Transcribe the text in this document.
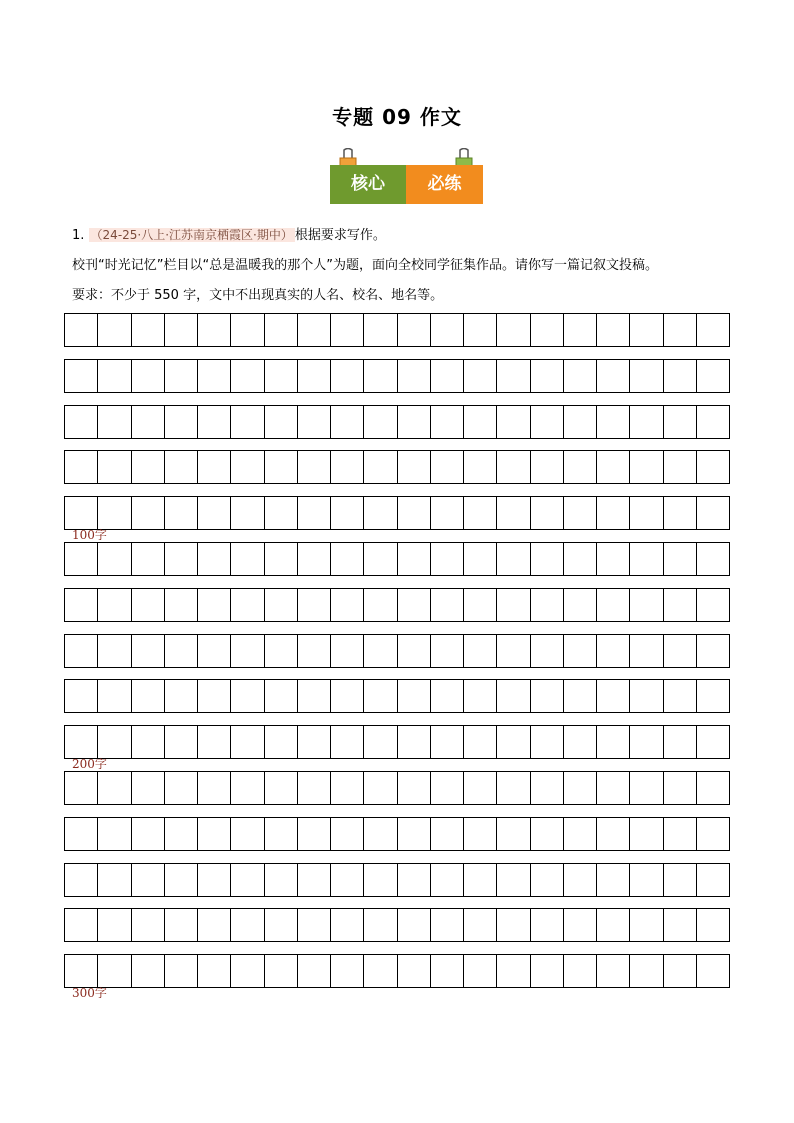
专题 09 作文
核心	必练
1. （24-25·八上·江苏南京栖霞区·期中） 根据要求写作。
校刊“时光记忆”栏目以“总是温暖我的那个人”为题，面向全校同学征集作品。请你写一篇记叙文投稿。
要求：不少于 550 字，文中不出现真实的人名、校名、地名等。
100字
200字
300字
